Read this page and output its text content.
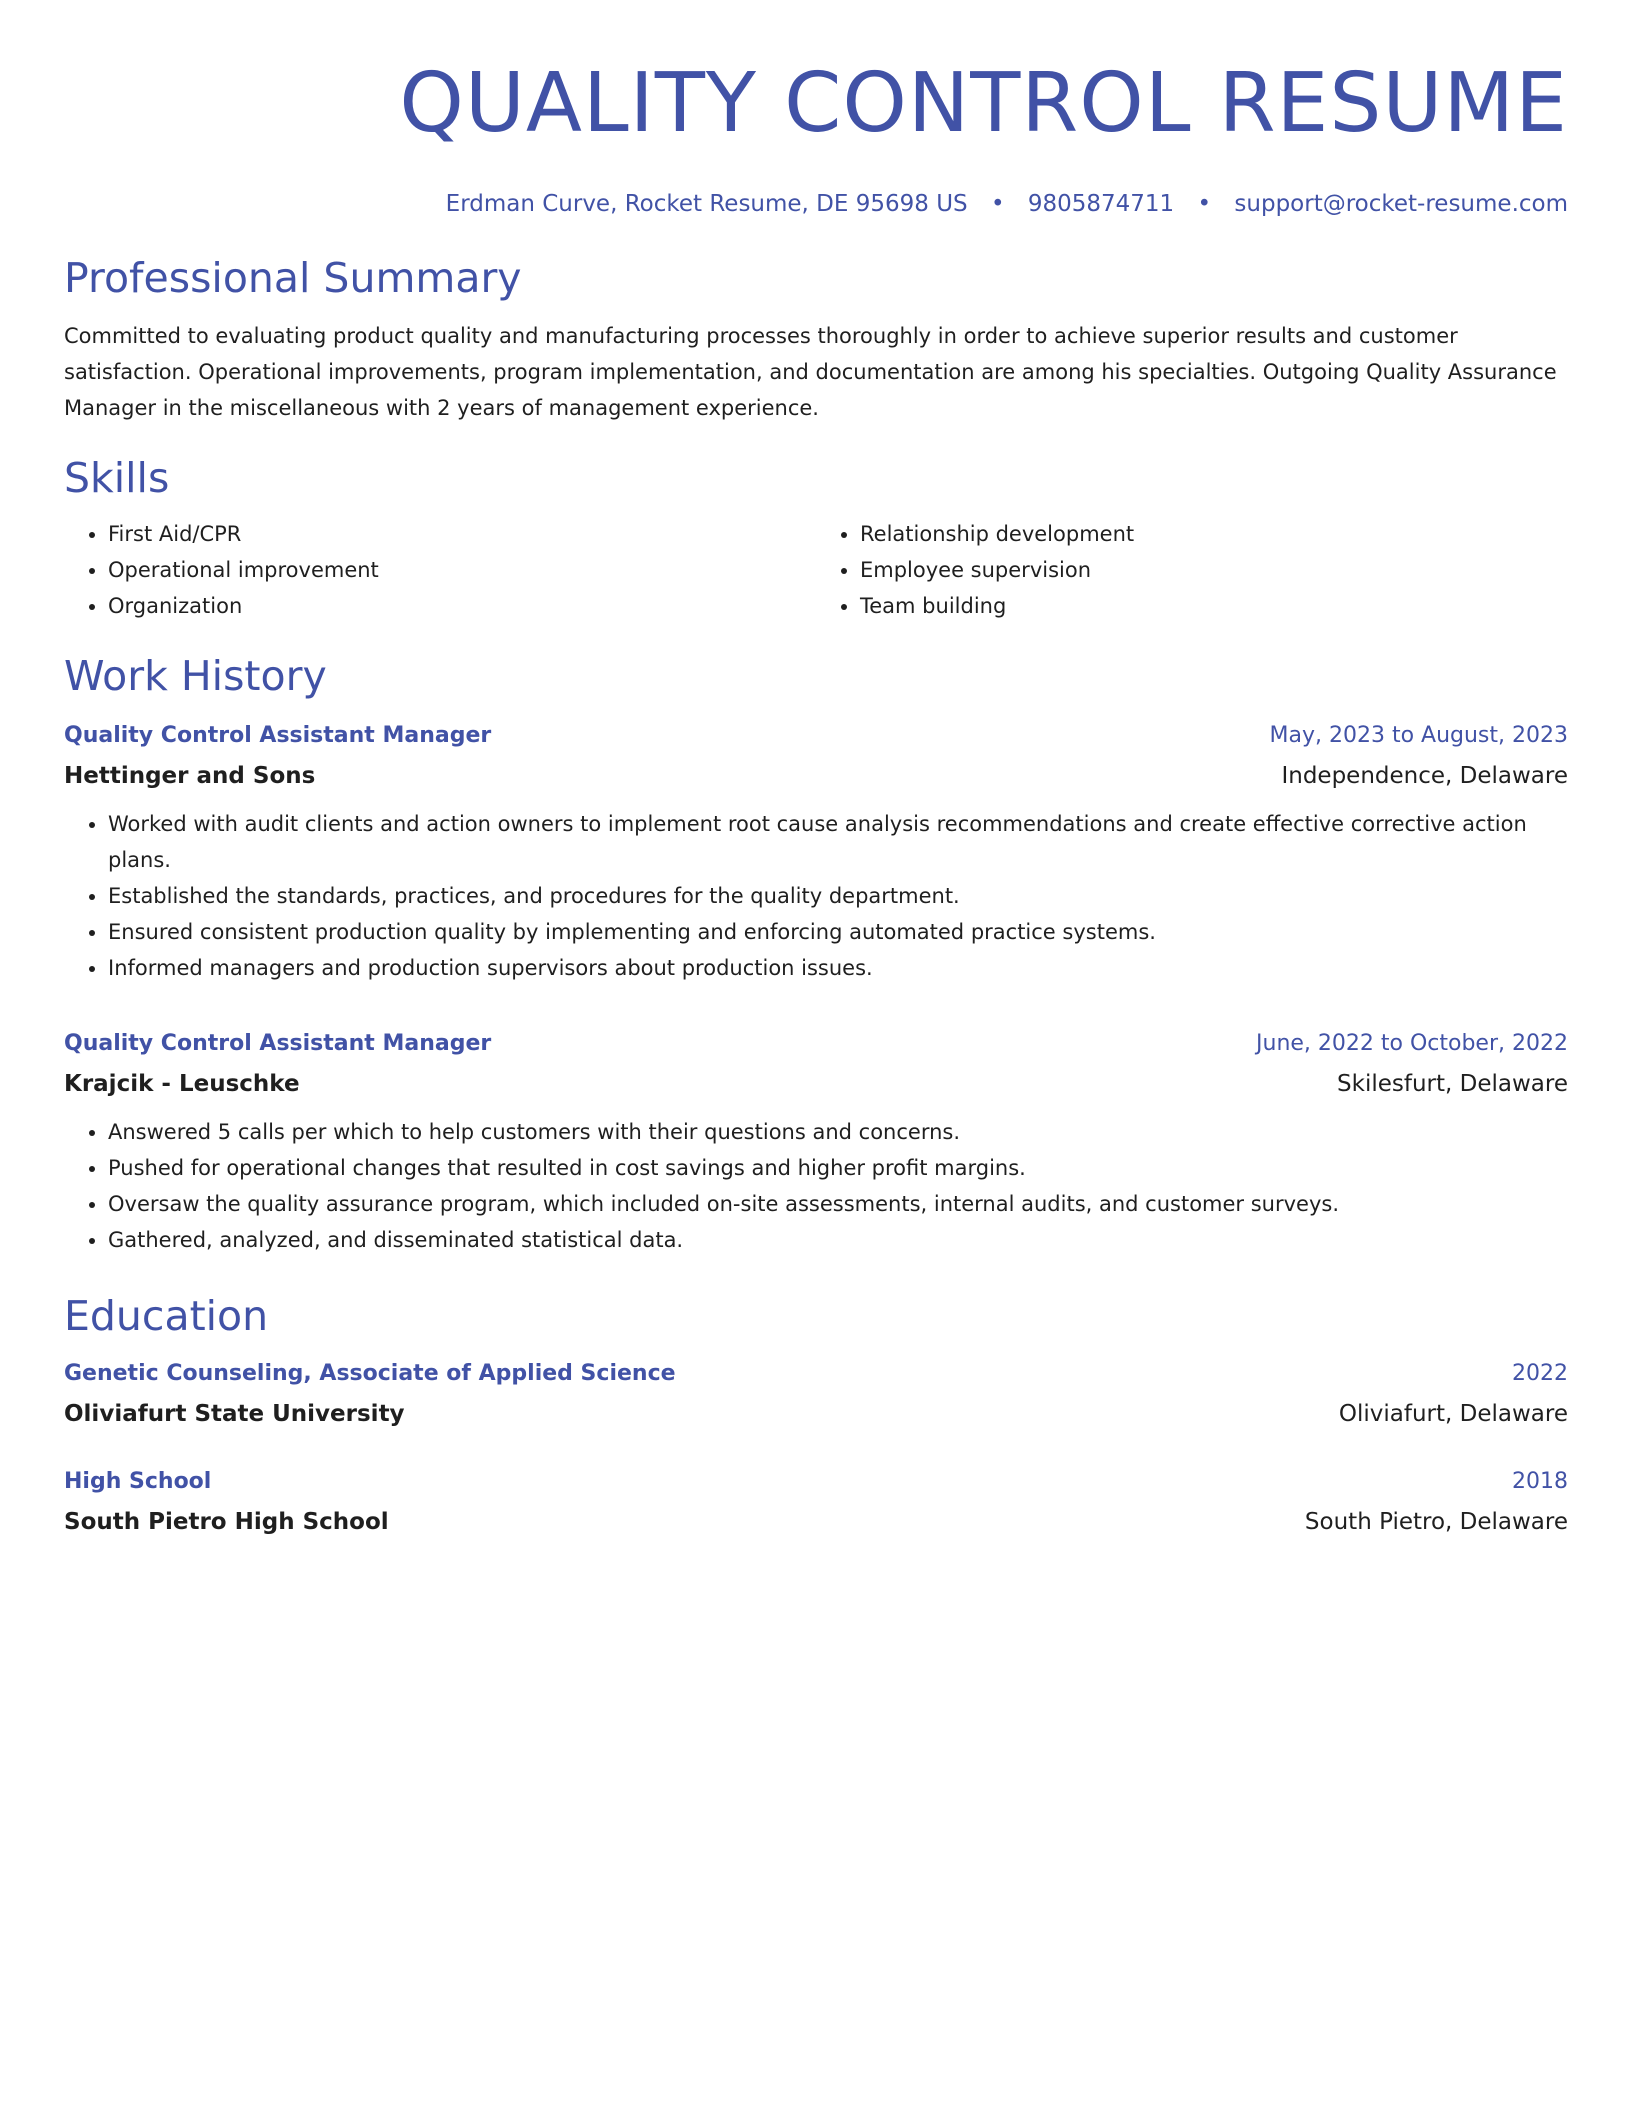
QUALITY CONTROL RESUME
Erdman Curve, Rocket Resume, DE 95698 US • 9805874711 • support@rocket-resume.com
Professional Summary

Committed to evaluating product quality and manufacturing processes thoroughly in order to achieve superior results and customer satisfaction. Operational improvements, program implementation, and documentation are among his specialties. Outgoing Quality Assurance Manager in the miscellaneous with 2 years of management experience.

Skills
• First Aid/CPR
• Operational improvement
• Organization
• Relationship development
• Employee supervision
• Team building
Work History
Quality Control Assistant Manager	May, 2023 to August, 2023
Hettinger and Sons	Independence, Delaware
• Worked with audit clients and action owners to implement root cause analysis recommendations and create effective corrective action plans.
• Established the standards, practices, and procedures for the quality department.
• Ensured consistent production quality by implementing and enforcing automated practice systems.
• Informed managers and production supervisors about production issues.
Quality Control Assistant Manager	June, 2022 to October, 2022
Krajcik - Leuschke	Skilesfurt, Delaware
• Answered 5 calls per which to help customers with their questions and concerns.
• Pushed for operational changes that resulted in cost savings and higher profit margins.
• Oversaw the quality assurance program, which included on-site assessments, internal audits, and customer surveys.
• Gathered, analyzed, and disseminated statistical data.
Education
Genetic Counseling, Associate of Applied Science	2022
Oliviafurt State University	Oliviafurt, Delaware
High School	2018
South Pietro High School	South Pietro, Delaware
